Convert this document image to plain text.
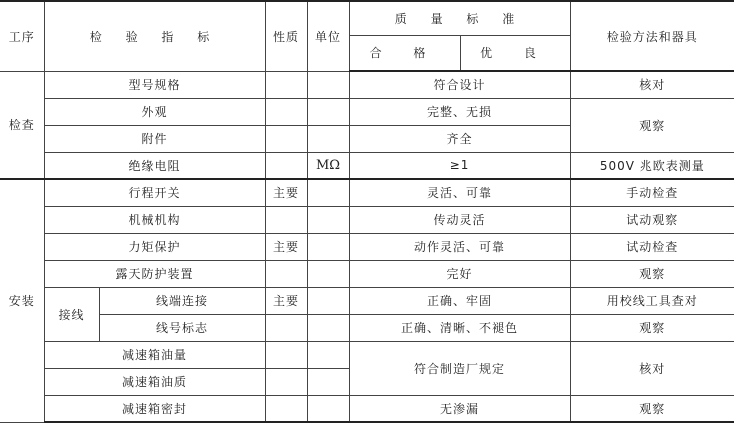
工序	检 验 指 标		性质	单位	质 量 标 准		检验方法和器具
					合 格	优 良	
检查	型号规格				符合设计		核对
	外观				完整、无损		观察
	附件				齐全		
	绝缘电阻			MΩ	≥1		500V 兆欧表测量
安装	行程开关		主要		灵活、可靠		手动检查
	机械机构				传动灵活		试动观察
	力矩保护		主要		动作灵活、可靠		试动检查
	露天防护装置				完好		观察
	接线	线端连接	主要		正确、牢固		用校线工具查对
		线号标志			正确、清晰、不褪色		观察
	减速箱油量				符合制造厂规定		核对
	减速箱油质						
	减速箱密封				无渗漏		观察
